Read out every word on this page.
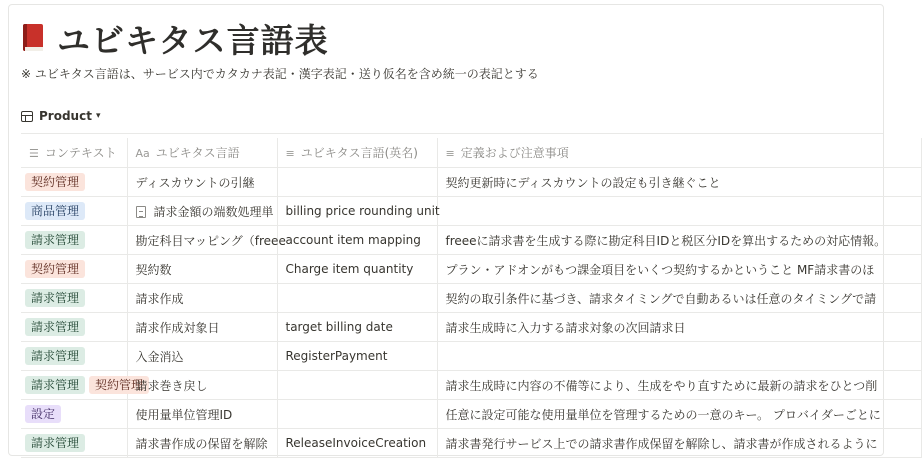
ユビキタス言語表
※ ユビキタス言語は、サービス内でカタカナ表記・漢字表記・送り仮名を含め統一の表記とする
Product ▾
☰ コンテキスト	Aa ユビキタス言語	≡ ユビキタス言語(英名)	≡ 定義および注意事項
契約管理	ディスカウントの引継		契約更新時にディスカウントの設定も引き継ぐこと
商品管理	請求金額の端数処理単	billing price rounding unit	
請求管理	勘定科目マッピング（freee	account item mapping	freeeに請求書を生成する際に勘定科目IDと税区分IDを算出するための対応情報。
契約管理	契約数	Charge item quantity	プラン・アドオンがもつ課金項目をいくつ契約するかということ MF請求書のほ
請求管理	請求作成		契約の取引条件に基づき、請求タイミングで自動あるいは任意のタイミングで請
請求管理	請求作成対象日	target billing date	請求生成時に入力する請求対象の次回請求日
請求管理	入金消込	RegisterPayment	
請求管理 契約管理	請求巻き戻し		請求生成時に内容の不備等により、生成をやり直すために最新の請求をひとつ削
設定	使用量単位管理ID		任意に設定可能な使用量単位を管理するための一意のキー。 プロバイダーごとに
請求管理	請求書作成の保留を解除	ReleaseInvoiceCreation	請求書発行サービス上での請求書作成保留を解除し、請求書が作成されるように
